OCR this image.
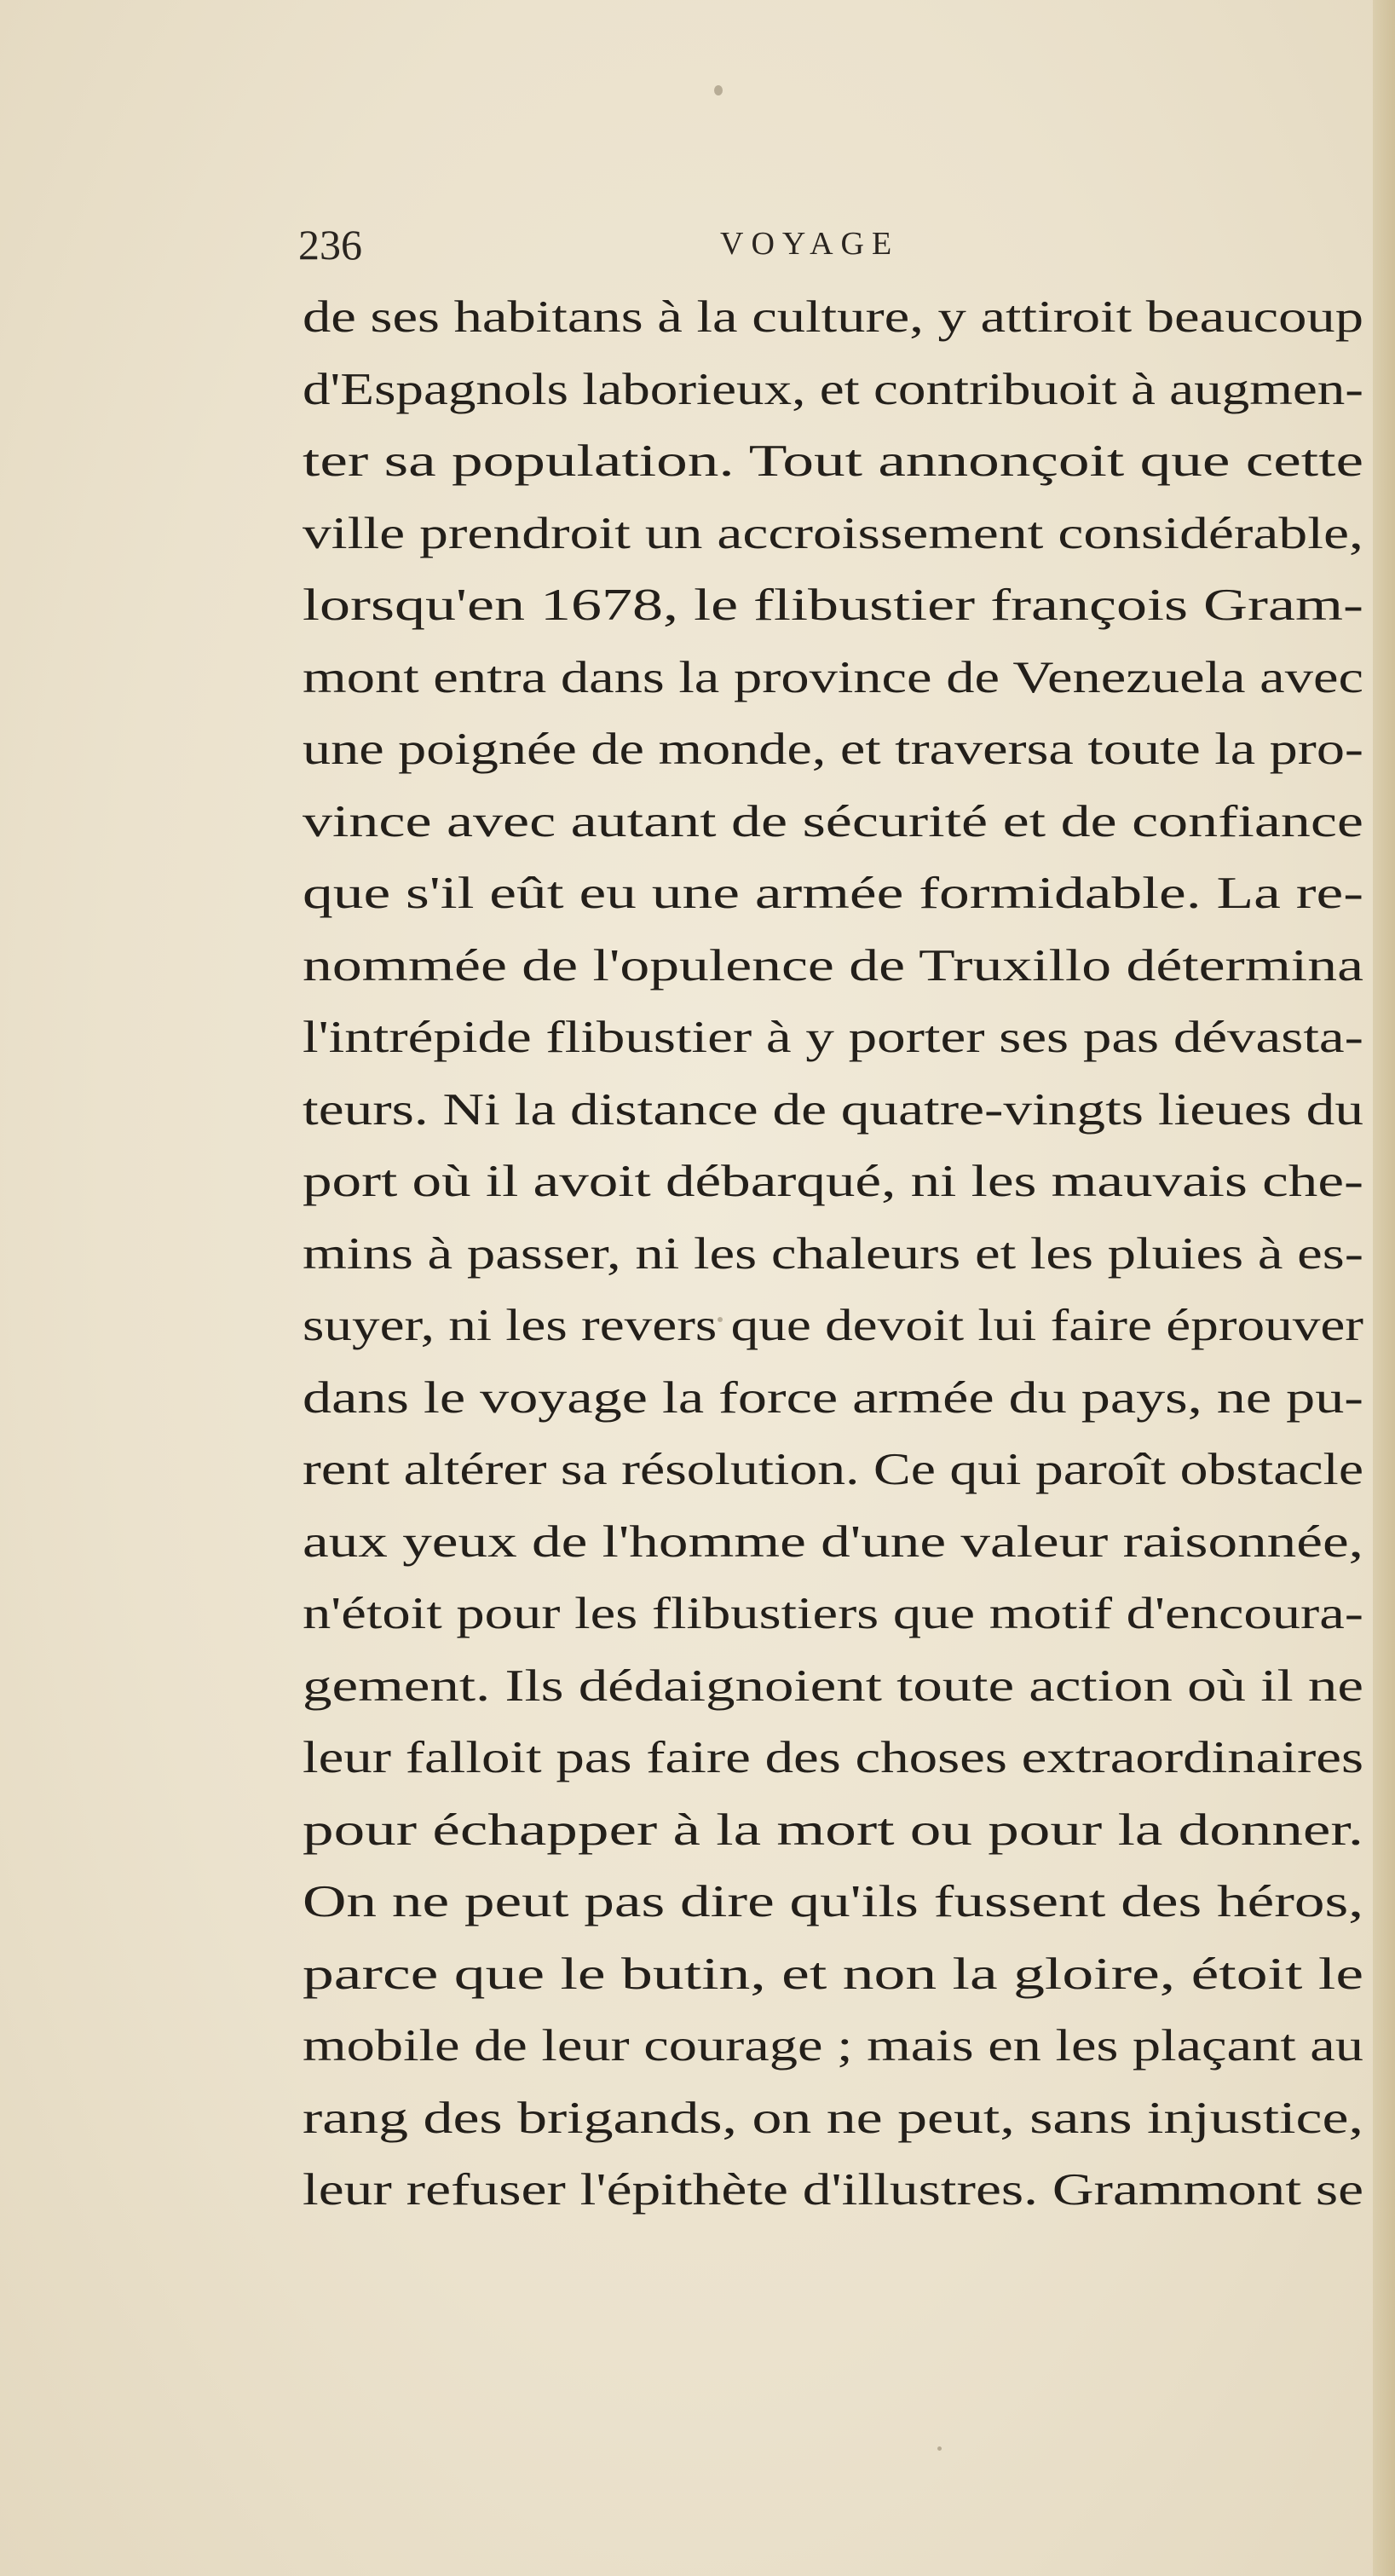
236	VOYAGE
de ses habitans à la culture, y attiroit beaucoup
d'Espagnols laborieux, et contribuoit à augmen-
ter sa population. Tout annonçoit que cette
ville prendroit un accroissement considérable,
lorsqu'en 1678, le flibustier françois Gram-
mont entra dans la province de Venezuela avec
une poignée de monde, et traversa toute la pro-
vince avec autant de sécurité et de confiance
que s'il eût eu une armée formidable. La re-
nommée de l'opulence de Truxillo détermina
l'intrépide flibustier à y porter ses pas dévasta-
teurs. Ni la distance de quatre-vingts lieues du
port où il avoit débarqué, ni les mauvais che-
mins à passer, ni les chaleurs et les pluies à es-
suyer, ni les revers que devoit lui faire éprouver
dans le voyage la force armée du pays, ne pu-
rent altérer sa résolution. Ce qui paroît obstacle
aux yeux de l'homme d'une valeur raisonnée,
n'étoit pour les flibustiers que motif d'encoura-
gement. Ils dédaignoient toute action où il ne
leur falloit pas faire des choses extraordinaires
pour échapper à la mort ou pour la donner.
On ne peut pas dire qu'ils fussent des héros,
parce que le butin, et non la gloire, étoit le
mobile de leur courage ; mais en les plaçant au
rang des brigands, on ne peut, sans injustice,
leur refuser l'épithète d'illustres. Grammont se
